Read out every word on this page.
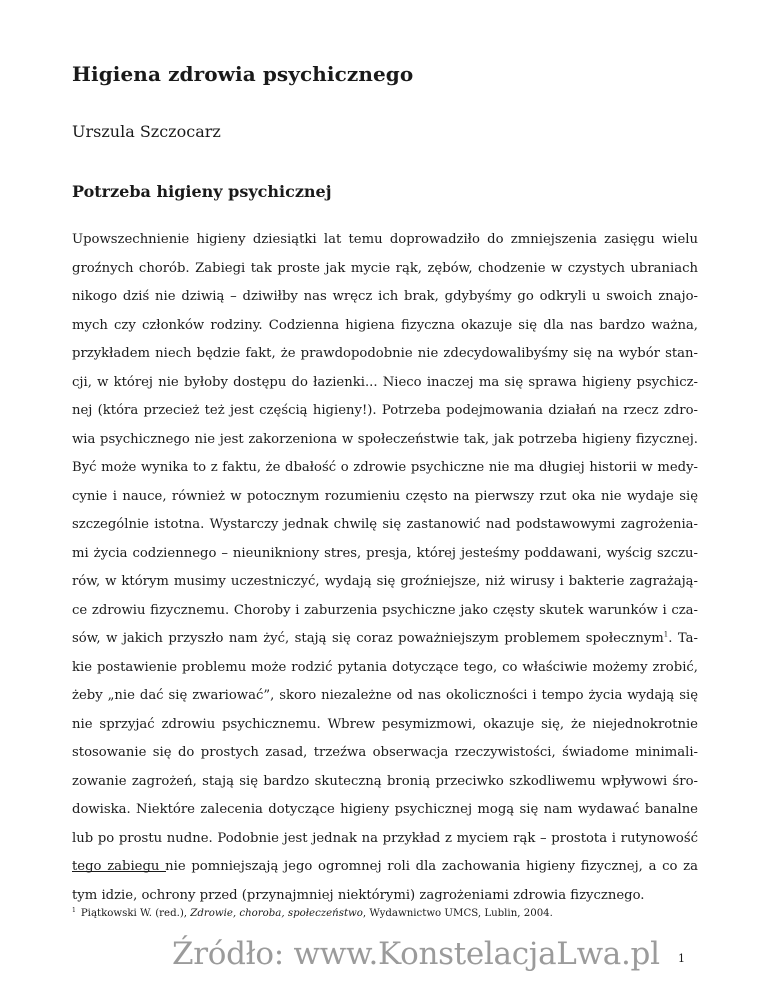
Higiena zdrowia psychicznego
Urszula Szczocarz
Potrzeba higieny psychicznej
Upowszechnienie higieny dziesiątki lat temu doprowadziło do zmniejszenia zasięgu wielu
groźnych chorób. Zabiegi tak proste jak mycie rąk, zębów, chodzenie w czystych ubraniach
nikogo dziś nie dziwią – dziwiłby nas wręcz ich brak, gdybyśmy go odkryli u swoich znajo-
mych czy członków rodziny. Codzienna higiena fizyczna okazuje się dla nas bardzo ważna,
przykładem niech będzie fakt, że prawdopodobnie nie zdecydowalibyśmy się na wybór stan-
cji, w której nie byłoby dostępu do łazienki... Nieco inaczej ma się sprawa higieny psychicz-
nej (która przecież też jest częścią higieny!). Potrzeba podejmowania działań na rzecz zdro-
wia psychicznego nie jest zakorzeniona w społeczeństwie tak, jak potrzeba higieny fizycznej.
Być może wynika to z faktu, że dbałość o zdrowie psychiczne nie ma długiej historii w medy-
cynie i nauce, również w potocznym rozumieniu często na pierwszy rzut oka nie wydaje się
szczególnie istotna. Wystarczy jednak chwilę się zastanowić nad podstawowymi zagrożenia-
mi życia codziennego – nieunikniony stres, presja, której jesteśmy poddawani, wyścig szczu-
rów, w którym musimy uczestniczyć, wydają się groźniejsze, niż wirusy i bakterie zagrażają-
ce zdrowiu fizycznemu. Choroby i zaburzenia psychiczne jako częsty skutek warunków i cza-
sów, w jakich przyszło nam żyć, stają się coraz poważniejszym problemem społecznym$^1$. Ta-
kie postawienie problemu może rodzić pytania dotyczące tego, co właściwie możemy zrobić,
żeby „nie dać się zwariować”, skoro niezależne od nas okoliczności i tempo życia wydają się
nie sprzyjać zdrowiu psychicznemu. Wbrew pesymizmowi, okazuje się, że niejednokrotnie
stosowanie się do prostych zasad, trzeźwa obserwacja rzeczywistości, świadome minimali-
zowanie zagrożeń, stają się bardzo skuteczną bronią przeciwko szkodliwemu wpływowi śro-
dowiska. Niektóre zalecenia dotyczące higieny psychicznej mogą się nam wydawać banalne
lub po prostu nudne. Podobnie jest jednak na przykład z myciem rąk – prostota i rutynowość
tego zabiegu nie pomniejszają jego ogromnej roli dla zachowania higieny fizycznej, a co za
tym idzie, ochrony przed (przynajmniej niektórymi) zagrożeniami zdrowia fizycznego.
$^1$ Piątkowski W. (red.), Zdrowie, choroba, społeczeństwo, Wydawnictwo UMCS, Lublin, 2004.
Źródło: www.KonstelacjaLwa.pl 1
